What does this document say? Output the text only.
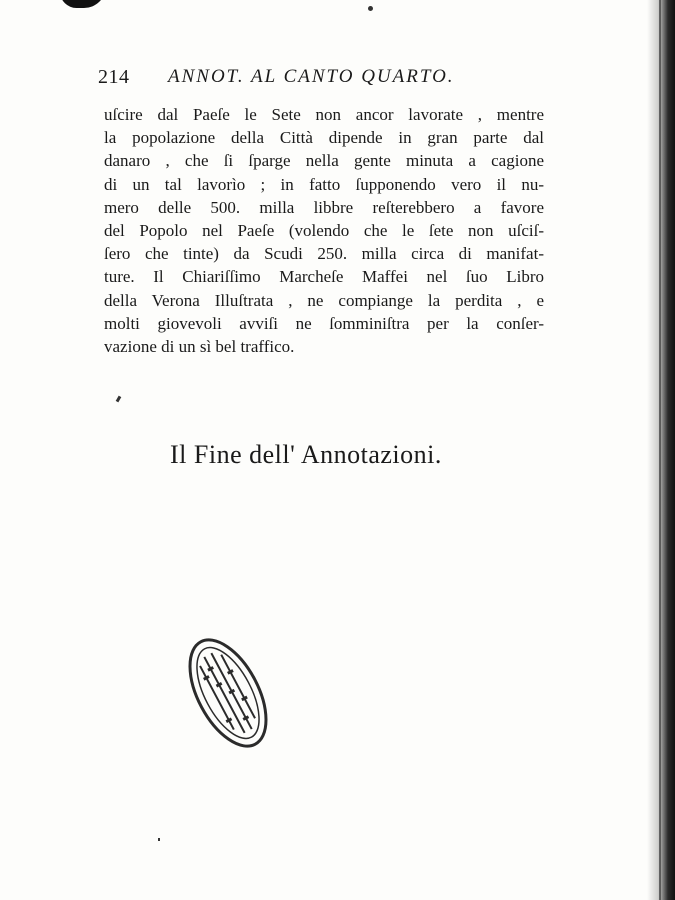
214 ANNOT. AL CANTO QUARTO.
uſcire dal Paeſe le Sete non ancor lavorate , mentre
la popolazione della Città dipende in gran parte dal
danaro , che ſi ſparge nella gente minuta a cagione
di un tal lavorìo ; in fatto ſupponendo vero il nu-
mero delle 500. milla libbre reſterebbero a favore
del Popolo nel Paeſe (volendo che le ſete non uſciſ-
ſero che tinte) da Scudi 250. milla circa di manifat-
ture. Il Chiariſſimo Marcheſe Maffei nel ſuo Libro
della Verona Illuſtrata , ne compiange la perdita , e
molti giovevoli avviſi ne ſomminiſtra per la conſer-
vazione di un sì bel traffico.
Il Fine dell' Annotazioni.
